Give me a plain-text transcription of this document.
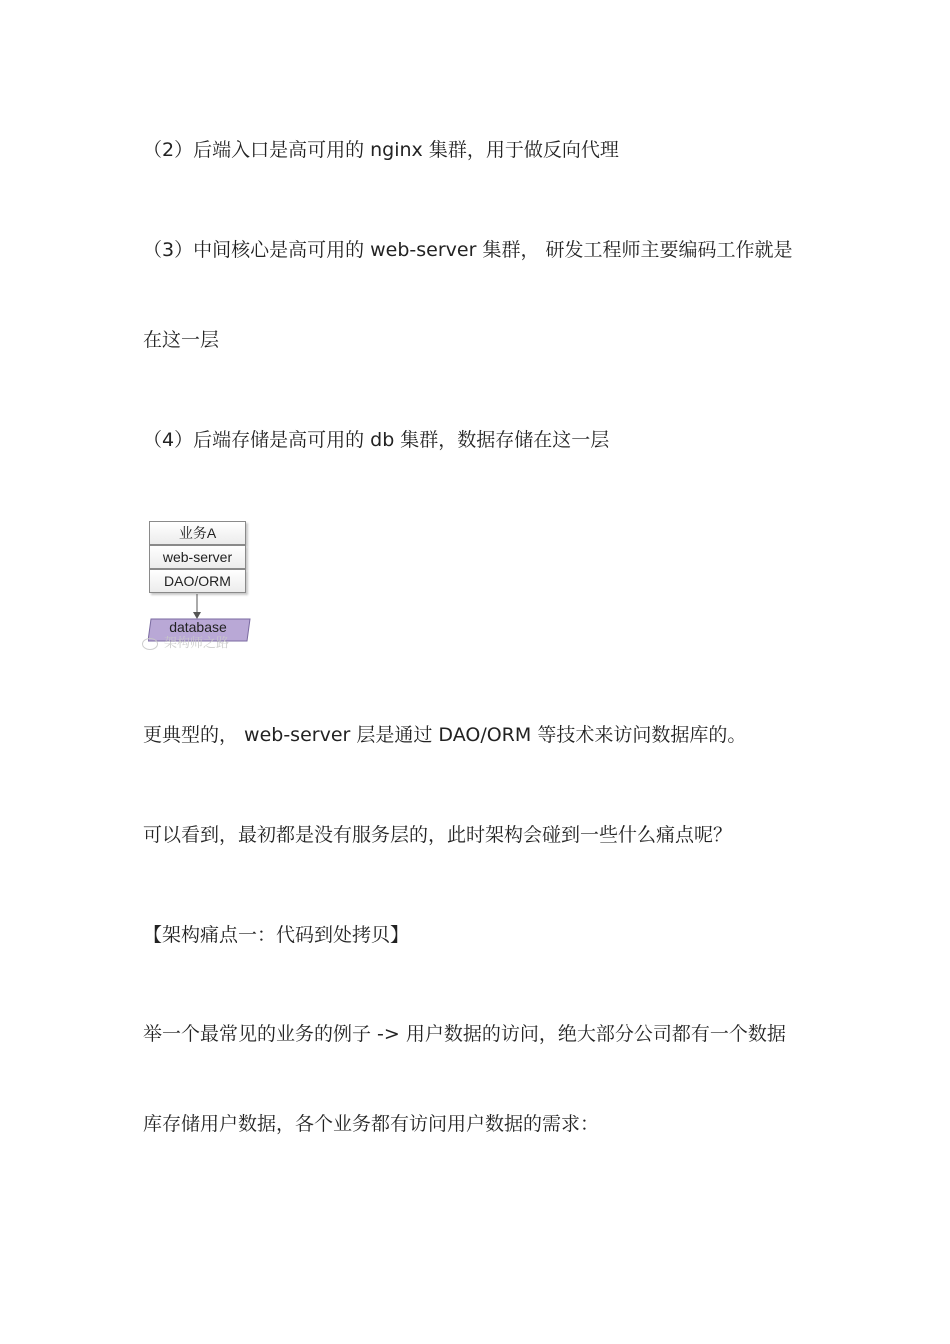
（2）后端入口是高可用的 nginx 集群，用于做反向代理
（3）中间核心是高可用的 web-server 集群， 研发工程师主要编码工作就是
在这一层
（4）后端存储是高可用的 db 集群，数据存储在这一层
业务A
web-server
DAO/ORM
database
架构师之路
更典型的， web-server 层是通过 DAO/ORM 等技术来访问数据库的。
可以看到，最初都是没有服务层的，此时架构会碰到一些什么痛点呢？
【架构痛点一：代码到处拷贝】
举一个最常见的业务的例子 -> 用户数据的访问，绝大部分公司都有一个数据
库存储用户数据，各个业务都有访问用户数据的需求：
